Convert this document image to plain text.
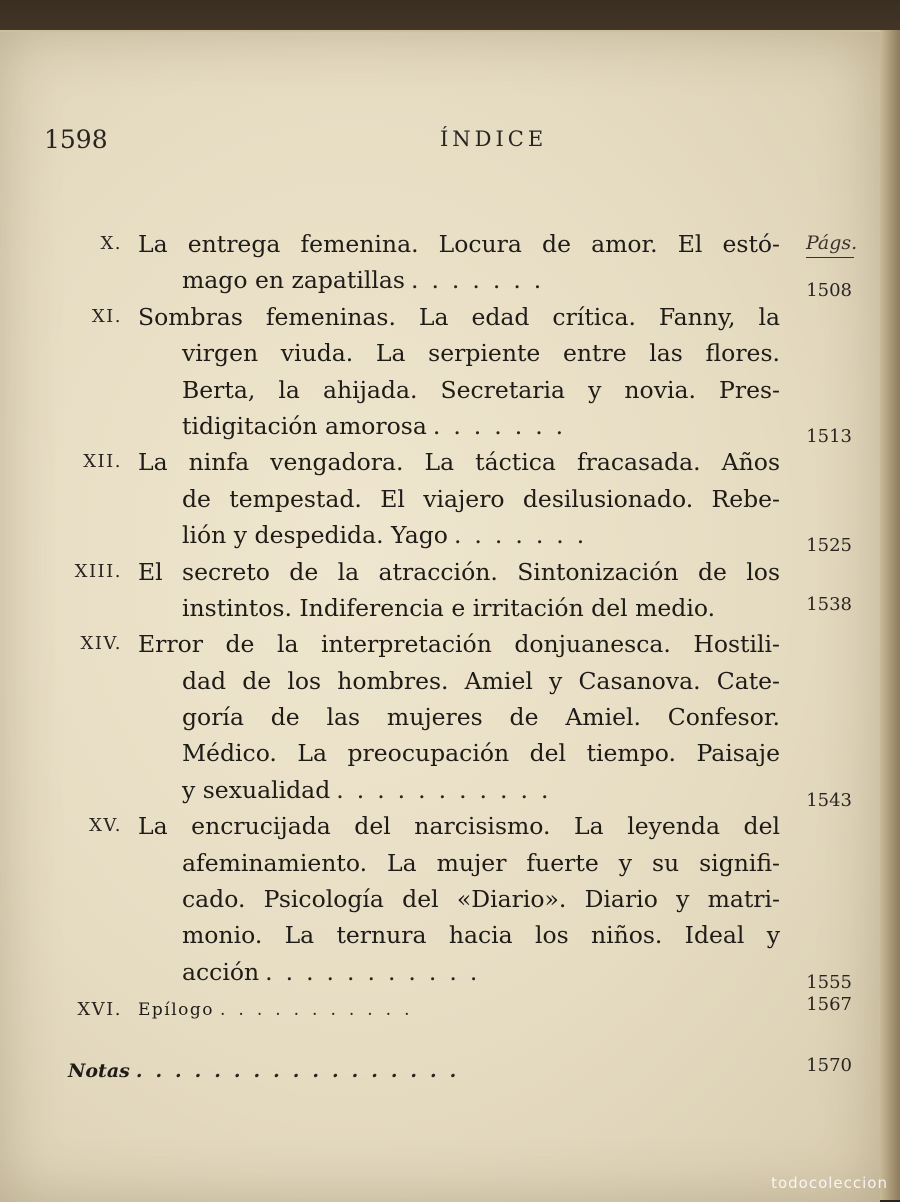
1598	ÍNDICE
Págs.
X. La entrega femenina. Locura de amor. El estó-
mago en zapatillas .......	1508
XI. Sombras femeninas. La edad crítica. Fanny, la
virgen viuda. La serpiente entre las flores.
Berta, la ahijada. Secretaria y novia. Pres-
tidigitación amorosa .......	1513
XII. La ninfa vengadora. La táctica fracasada. Años
de tempestad. El viajero desilusionado. Rebe-
lión y despedida. Yago .......	1525
XIII. El secreto de la atracción. Sintonización de los
instintos. Indiferencia e irritación del medio.	1538
XIV. Error de la interpretación donjuanesca. Hostili-
dad de los hombres. Amiel y Casanova. Cate-
goría de las mujeres de Amiel. Confesor.
Médico. La preocupación del tiempo. Paisaje
y sexualidad ...........	1543
XV. La encrucijada del narcisismo. La leyenda del
afeminamiento. La mujer fuerte y su signifi-
cado. Psicología del «Diario». Diario y matri-
monio. La ternura hacia los niños. Ideal y
acción ...........	1555
XVI. Epílogo ...........	1567
Notas .................	1570
todocoleccion
